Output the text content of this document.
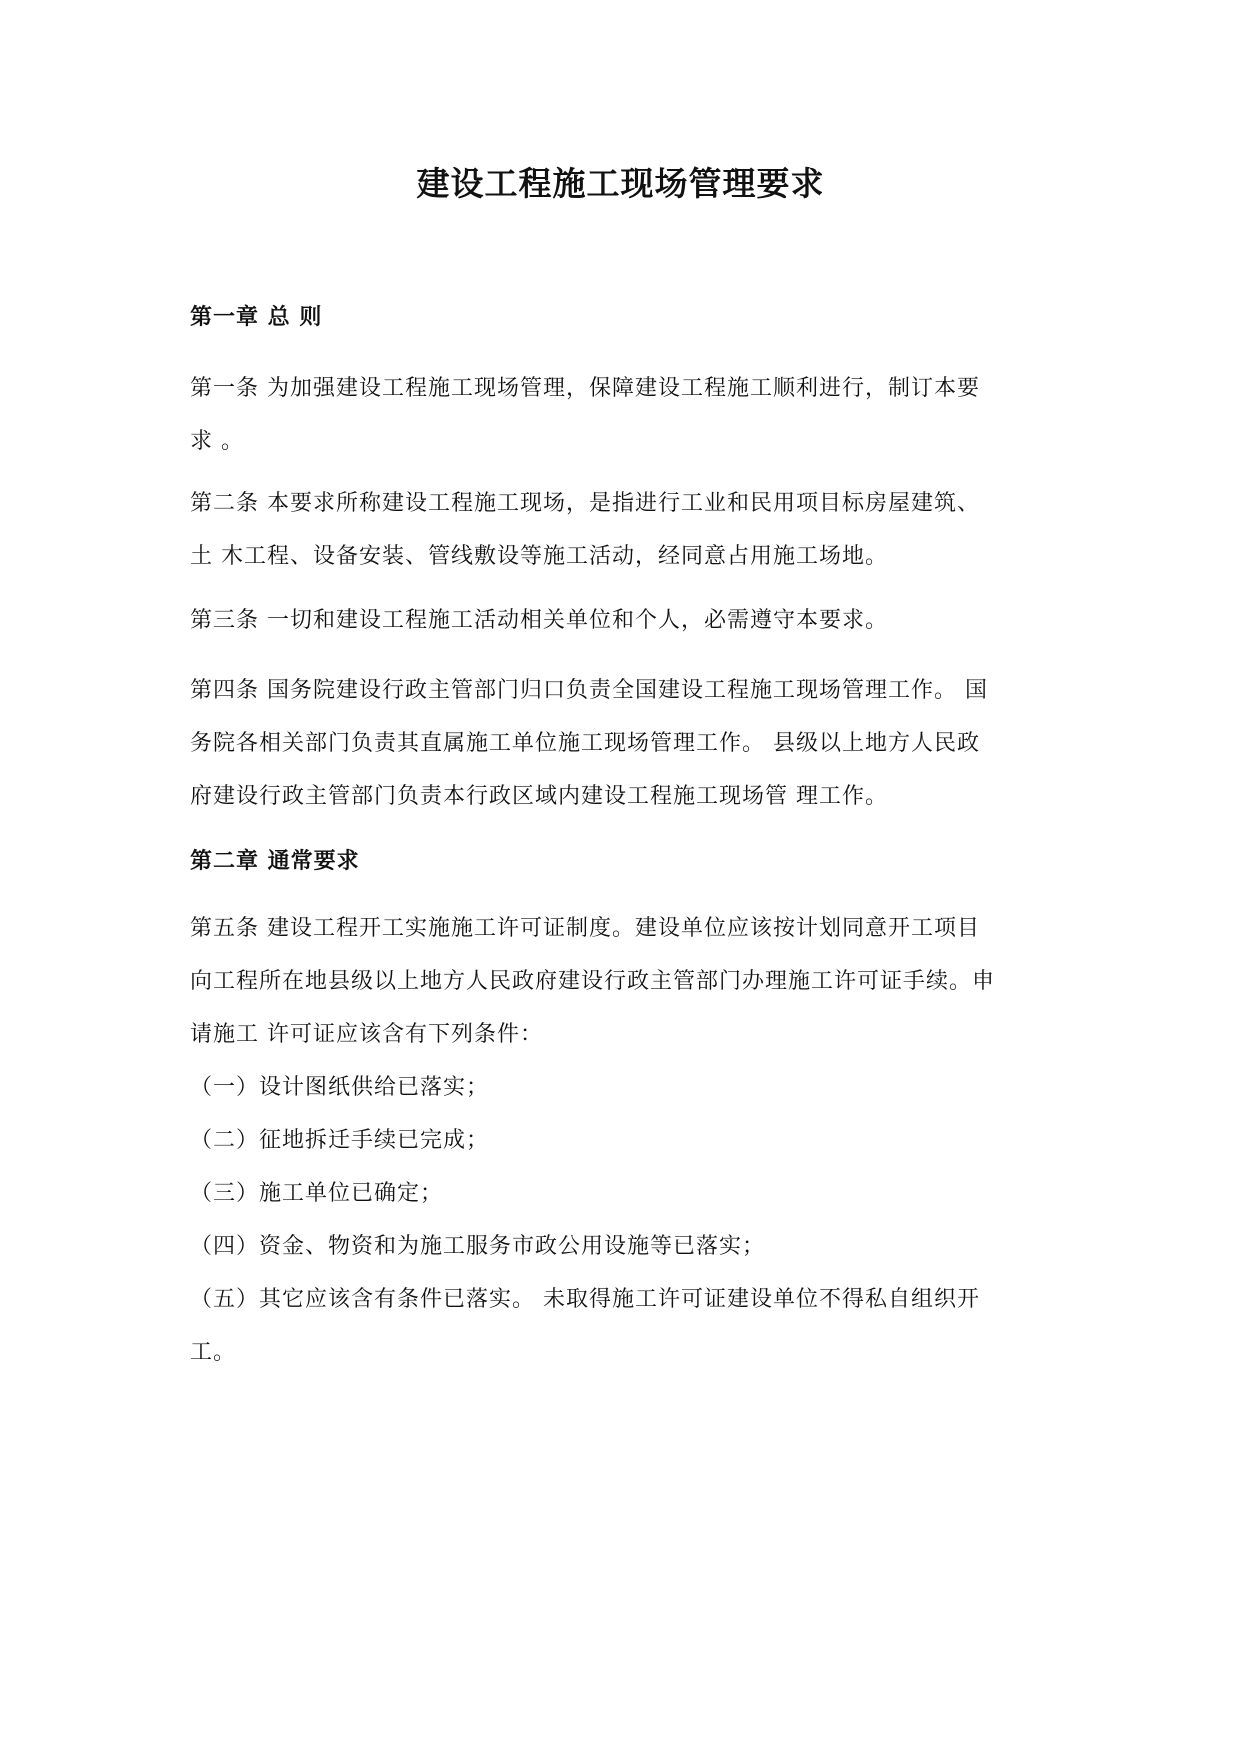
建设工程施工现场管理要求
第一章 总 则

第一条 为加强建设工程施工现场管理，保障建设工程施工顺利进行，制订本要
求 。

第二条 本要求所称建设工程施工现场，是指进行工业和民用项目标房屋建筑、
土 木工程、设备安装、管线敷设等施工活动，经同意占用施工场地。

第三条 一切和建设工程施工活动相关单位和个人，必需遵守本要求。

第四条 国务院建设行政主管部门归口负责全国建设工程施工现场管理工作。 国
务院各相关部门负责其直属施工单位施工现场管理工作。 县级以上地方人民政
府建设行政主管部门负责本行政区域内建设工程施工现场管 理工作。

第二章 通常要求

第五条 建设工程开工实施施工许可证制度。建设单位应该按计划同意开工项目
向工程所在地县级以上地方人民政府建设行政主管部门办理施工许可证手续。申
请施工 许可证应该含有下列条件：
（一）设计图纸供给已落实；
（二）征地拆迁手续已完成；
（三）施工单位已确定；
（四）资金、物资和为施工服务市政公用设施等已落实；
（五）其它应该含有条件已落实。 未取得施工许可证建设单位不得私自组织开
工。
